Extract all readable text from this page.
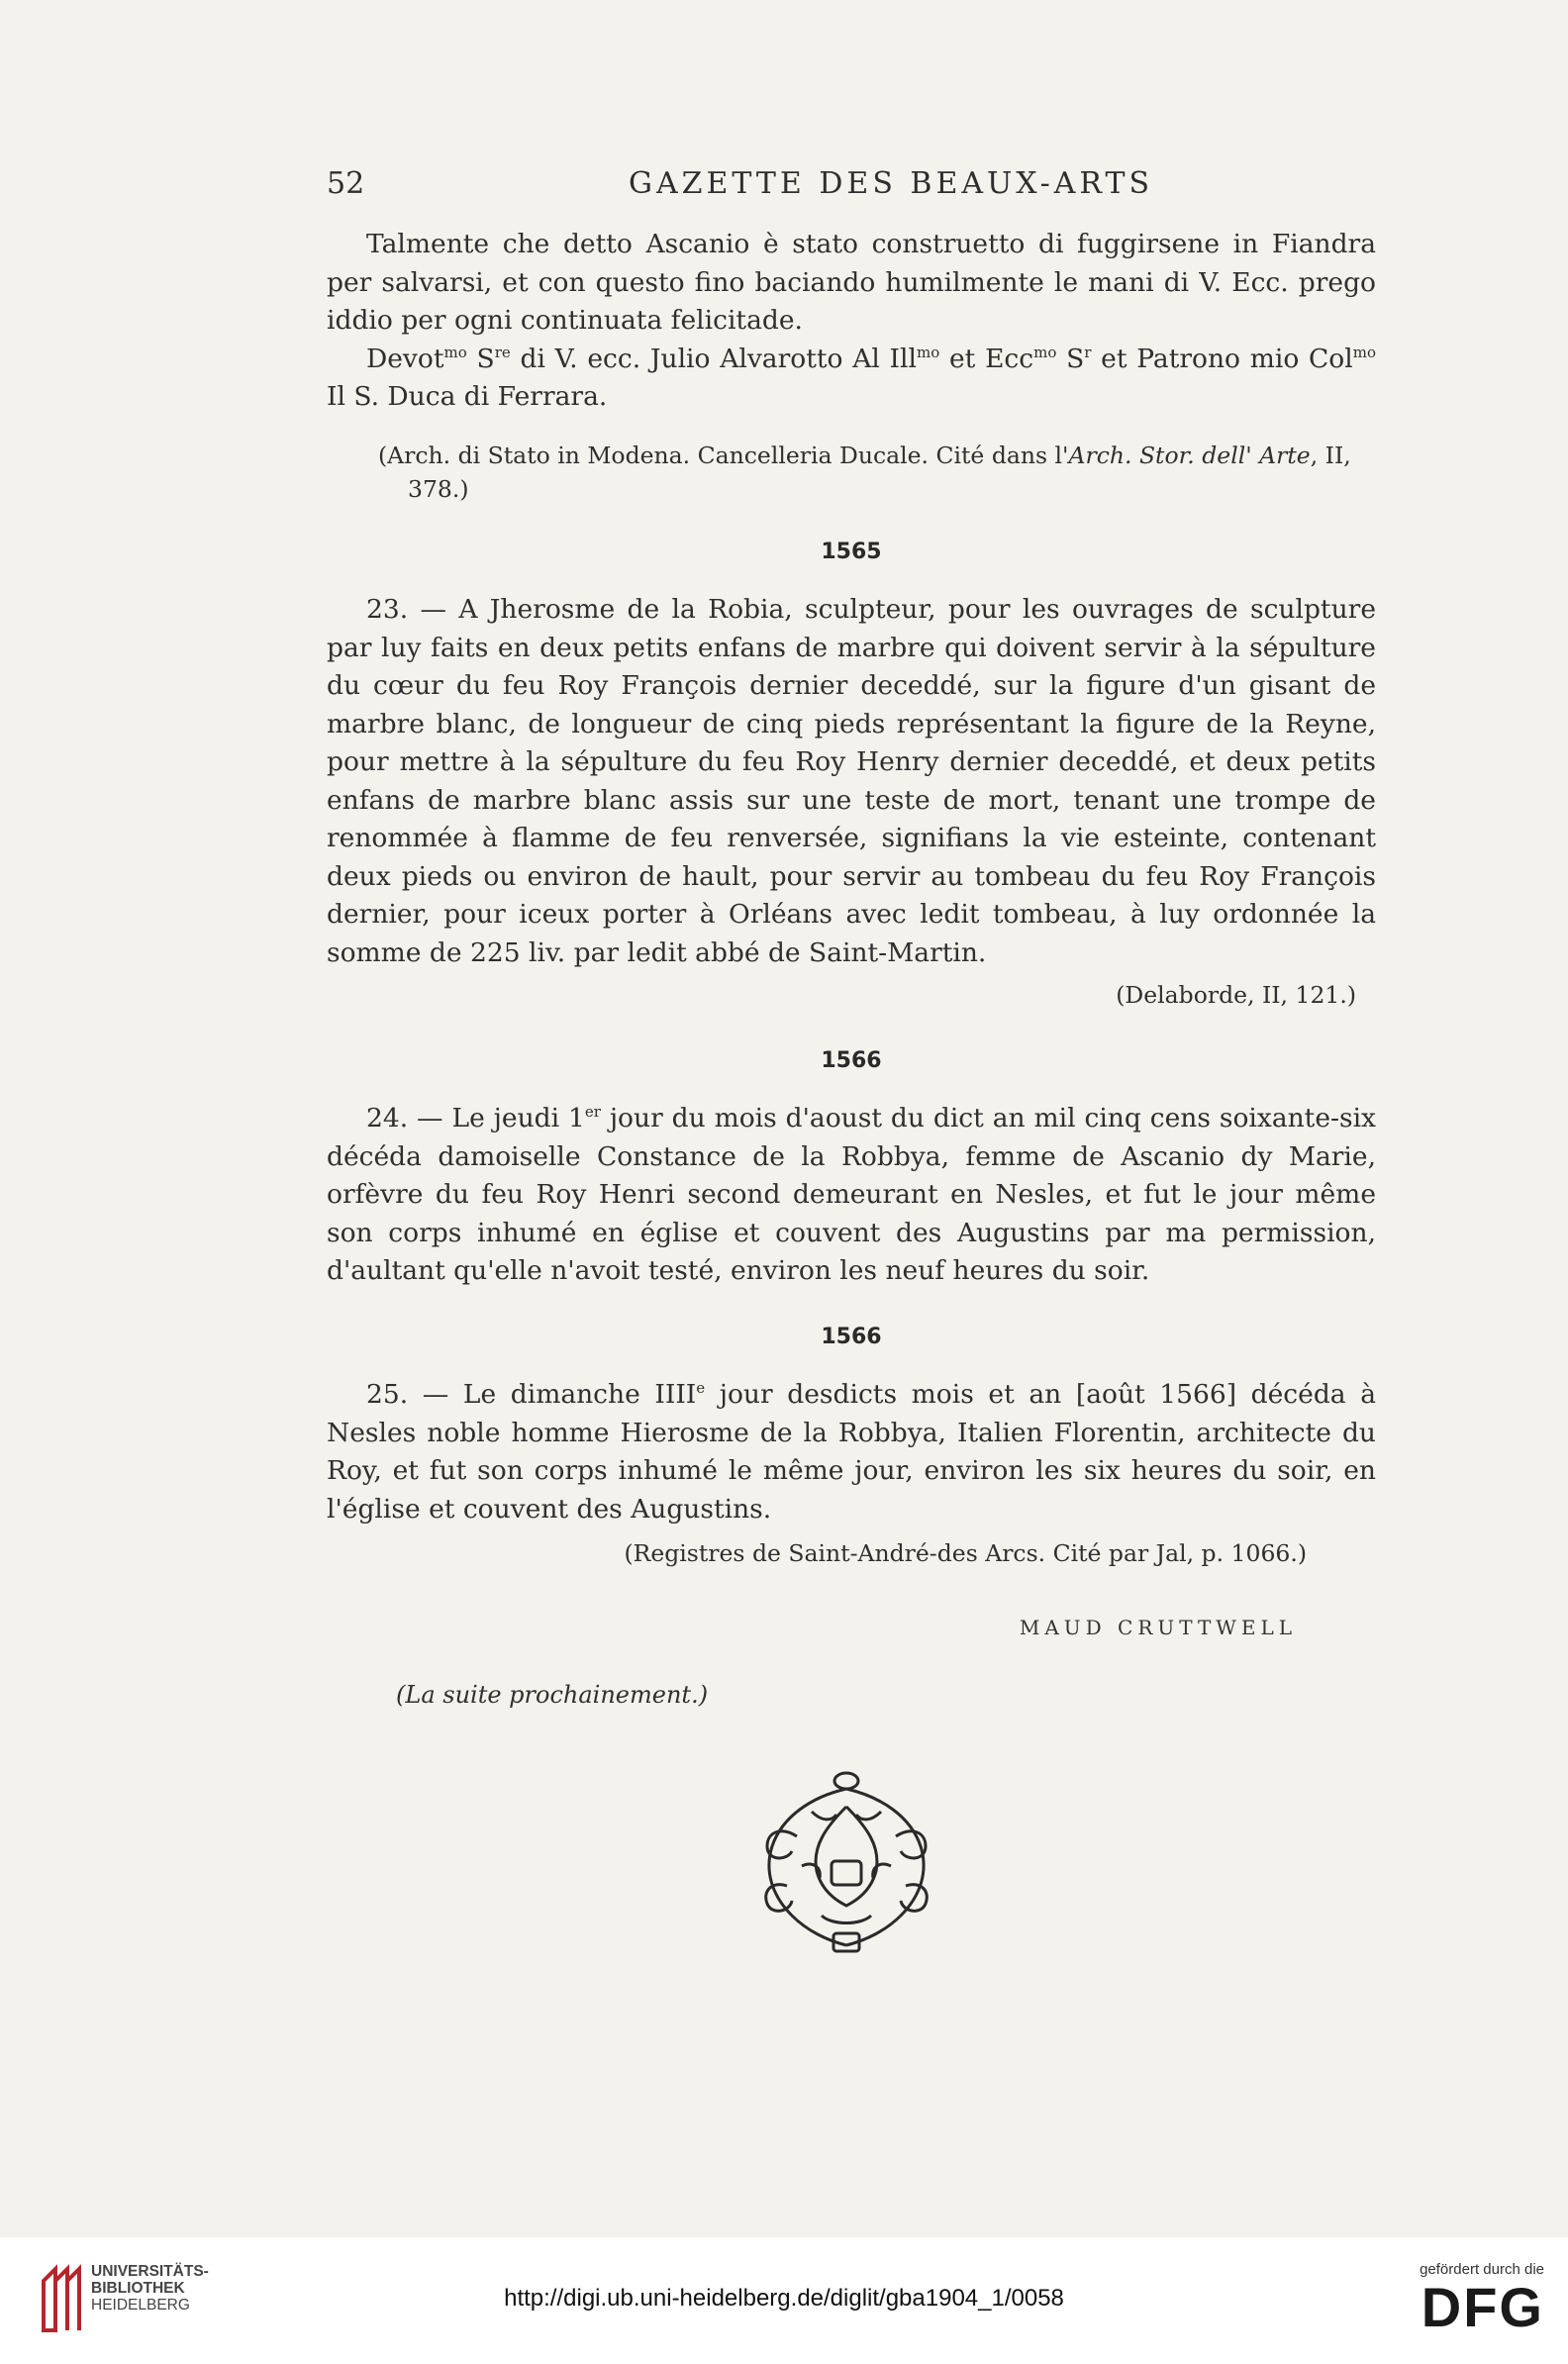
52	GAZETTE DES BEAUX-ARTS

Talmente che detto Ascanio è stato construetto di fuggirsene in Fiandra per salvarsi, et con questo fino baciando humilmente le mani di V. Ecc. prego iddio per ogni continuata felicitade.

Devot$^{mo}$ $S^{re}$ di V. ecc. Julio Alvarotto Al Ill$^{mo}$ et Ecc$^{mo}$ $S^r$ et Patrono mio Col$^{mo}$ Il S. Duca di Ferrara.

(Arch. di Stato in Modena. Cancelleria Ducale. Cité dans l'Arch. Stor. dell' Arte, II, 378.)

1565

23. — A Jherosme de la Robia, sculpteur, pour les ouvrages de sculpture par luy faits en deux petits enfans de marbre qui doivent servir à la sépulture du cœur du feu Roy François dernier deceddé, sur la figure d'un gisant de marbre blanc, de longueur de cinq pieds représentant la figure de la Reyne, pour mettre à la sépulture du feu Roy Henry dernier deceddé, et deux petits enfans de marbre blanc assis sur une teste de mort, tenant une trompe de renommée à flamme de feu renversée, signifians la vie esteinte, contenant deux pieds ou environ de hault, pour servir au tombeau du feu Roy François dernier, pour iceux porter à Orléans avec ledit tombeau, à luy ordonnée la somme de 225 liv. par ledit abbé de Saint-Martin.

(Delaborde, II, 121.)
1566

24. — Le jeudi 1er jour du mois d'aoust du dict an mil cinq cens soixante-six décéda damoiselle Constance de la Robbya, femme de Ascanio dy Marie, orfèvre du feu Roy Henri second demeurant en Nesles, et fut le jour même son corps inhumé en église et couvent des Augustins par ma permission, d'aultant qu'elle n'avoit testé, environ les neuf heures du soir.

1566

25. — Le dimanche IIIIe jour desdicts mois et an [août 1566] décéda à Nesles noble homme Hierosme de la Robbya, Italien Florentin, architecte du Roy, et fut son corps inhumé le même jour, environ les six heures du soir, en l'église et couvent des Augustins.

(Registres de Saint-André-des Arcs. Cité par Jal, p. 1066.)
MAUD CRUTTWELL
(La suite prochainement.)
UNIVERSITÄTS-
BIBLIOTHEK
HEIDELBERG	http://digi.ub.uni-heidelberg.de/diglit/gba1904_1/0058
gefördert durch die
DFG
